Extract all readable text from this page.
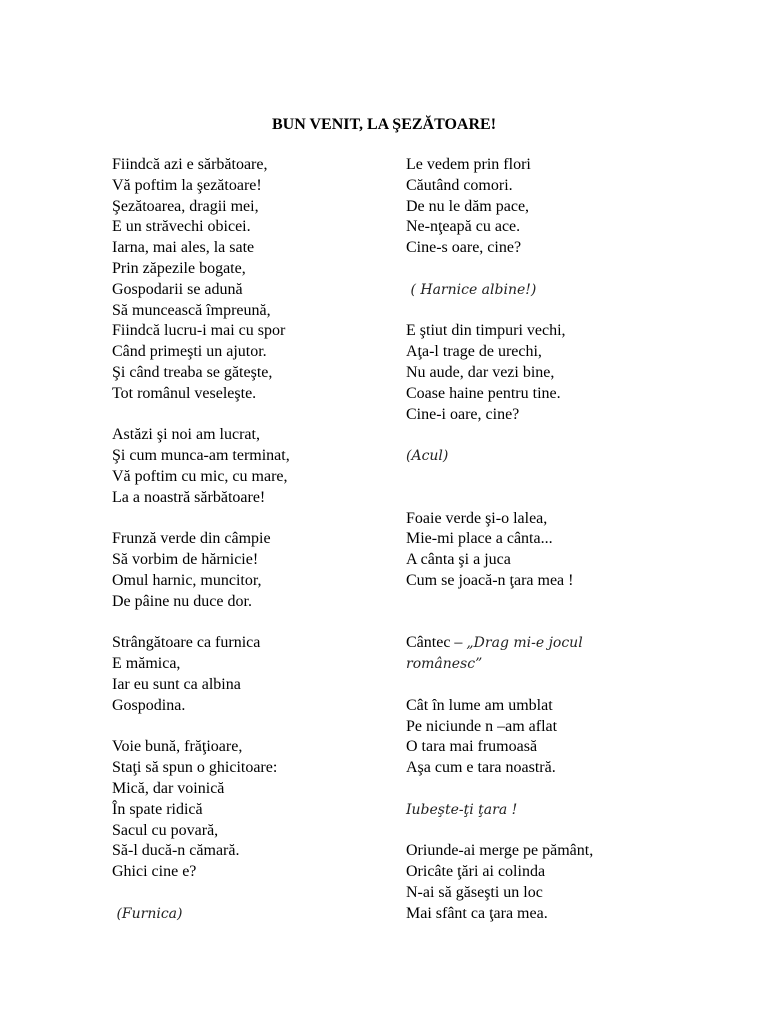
BUN VENIT, LA ŞEZĂTOARE!
Fiindcă azi e sărbătoare,
Vă poftim la şezătoare!
Şezătoarea, dragii mei,
E un străvechi obicei.
Iarna, mai ales, la sate
Prin zăpezile bogate,
Gospodarii se adună
Să muncească împreună,
Fiindcă lucru-i mai cu spor
Când primeşti un ajutor.
Şi când treaba se găteşte,
Tot românul veseleşte.
Astăzi şi noi am lucrat,
Şi cum munca-am terminat,
Vă poftim cu mic, cu mare,
La a noastră sărbătoare!
Frunză verde din câmpie
Să vorbim de hărnicie!
Omul harnic, muncitor,
De pâine nu duce dor.
Strângătoare ca furnica
E mămica,
Iar eu sunt ca albina
Gospodina.
Voie bună, frăţioare,
Staţi să spun o ghicitoare:
Mică, dar voinică
În spate ridică
Sacul cu povară,
Să-l ducă-n cămară.
Ghici cine e?
(Furnica)
Le vedem prin flori
Căutând comori.
De nu le dăm pace,
Ne-nţeapă cu ace.
Cine-s oare, cine?
( Harnice albine!)
E ştiut din timpuri vechi,
Aţa-l trage de urechi,
Nu aude, dar vezi bine,
Coase haine pentru tine.
Cine-i oare, cine?
(Acul)
Foaie verde şi-o lalea,
Mie-mi place a cânta...
A cânta şi a juca
Cum se joacă-n ţara mea !
Cântec – „Drag mi-e jocul românesc”
Cât în lume am umblat
Pe niciunde n –am aflat
O tara mai frumoasă
Aşa cum e tara noastră.
Iubeşte-ţi ţara !
Oriunde-ai merge pe pământ,
Oricâte ţări ai colinda
N-ai să găseşti un loc
Mai sfânt ca ţara mea.
